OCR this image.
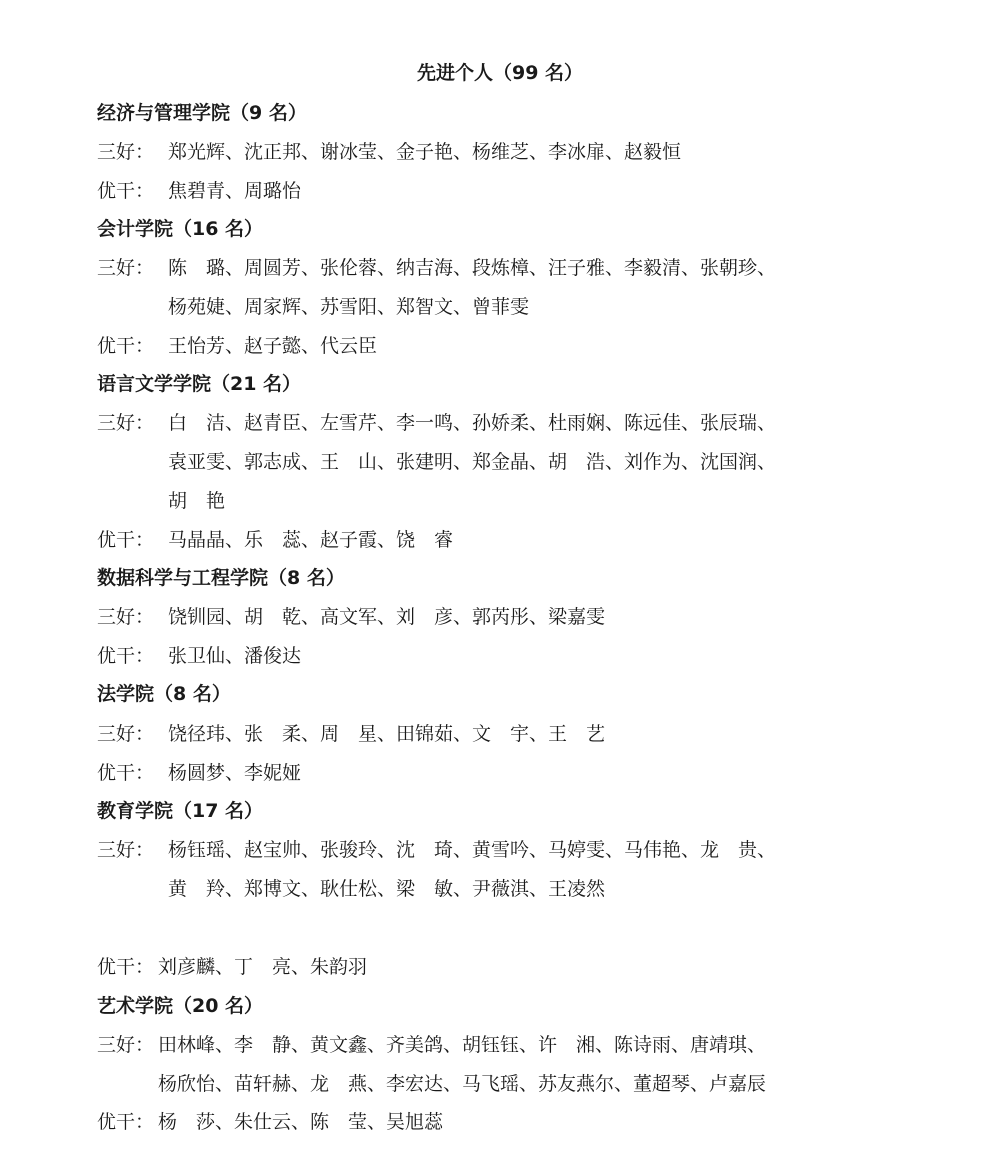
先进个人（99 名）
经济与管理学院（9 名）
三好： 郑光辉、沈正邦、谢冰莹、金子艳、杨维芝、李冰扉、赵毅恒
优干： 焦碧青、周璐怡
会计学院（16 名）
三好： 陈　璐、周圆芳、张伦蓉、纳吉海、段炼樟、汪子雅、李毅清、张朝珍、
杨苑婕、周家辉、苏雪阳、郑智文、曾菲雯
优干： 王怡芳、赵子懿、代云臣
语言文学学院（21 名）
三好： 白　洁、赵青臣、左雪芹、李一鸣、孙娇柔、杜雨娴、陈远佳、张辰瑞、
袁亚雯、郭志成、王　山、张建明、郑金晶、胡　浩、刘作为、沈国润、
胡　艳
优干： 马晶晶、乐　蕊、赵子霞、饶　睿
数据科学与工程学院（8 名）
三好： 饶钏园、胡　乾、高文军、刘　彦、郭芮彤、梁嘉雯
优干： 张卫仙、潘俊达
法学院（8 名）
三好： 饶径玮、张　柔、周　星、田锦茹、文　宇、王　艺
优干： 杨圆梦、李妮娅
教育学院（17 名）
三好： 杨钰瑶、赵宝帅、张骏玲、沈　琦、黄雪吟、马婷雯、马伟艳、龙　贵、
黄　羚、郑博文、耿仕松、梁　敏、尹薇淇、王凌然
优干： 刘彦麟、丁　亮、朱韵羽
艺术学院（20 名）
三好： 田林峰、李　静、黄文鑫、齐美鸽、胡钰钰、许　湘、陈诗雨、唐靖琪、
杨欣怡、苗轩赫、龙　燕、李宏达、马飞瑶、苏友燕尔、董超琴、卢嘉辰
优干： 杨　莎、朱仕云、陈　莹、吴旭蕊
